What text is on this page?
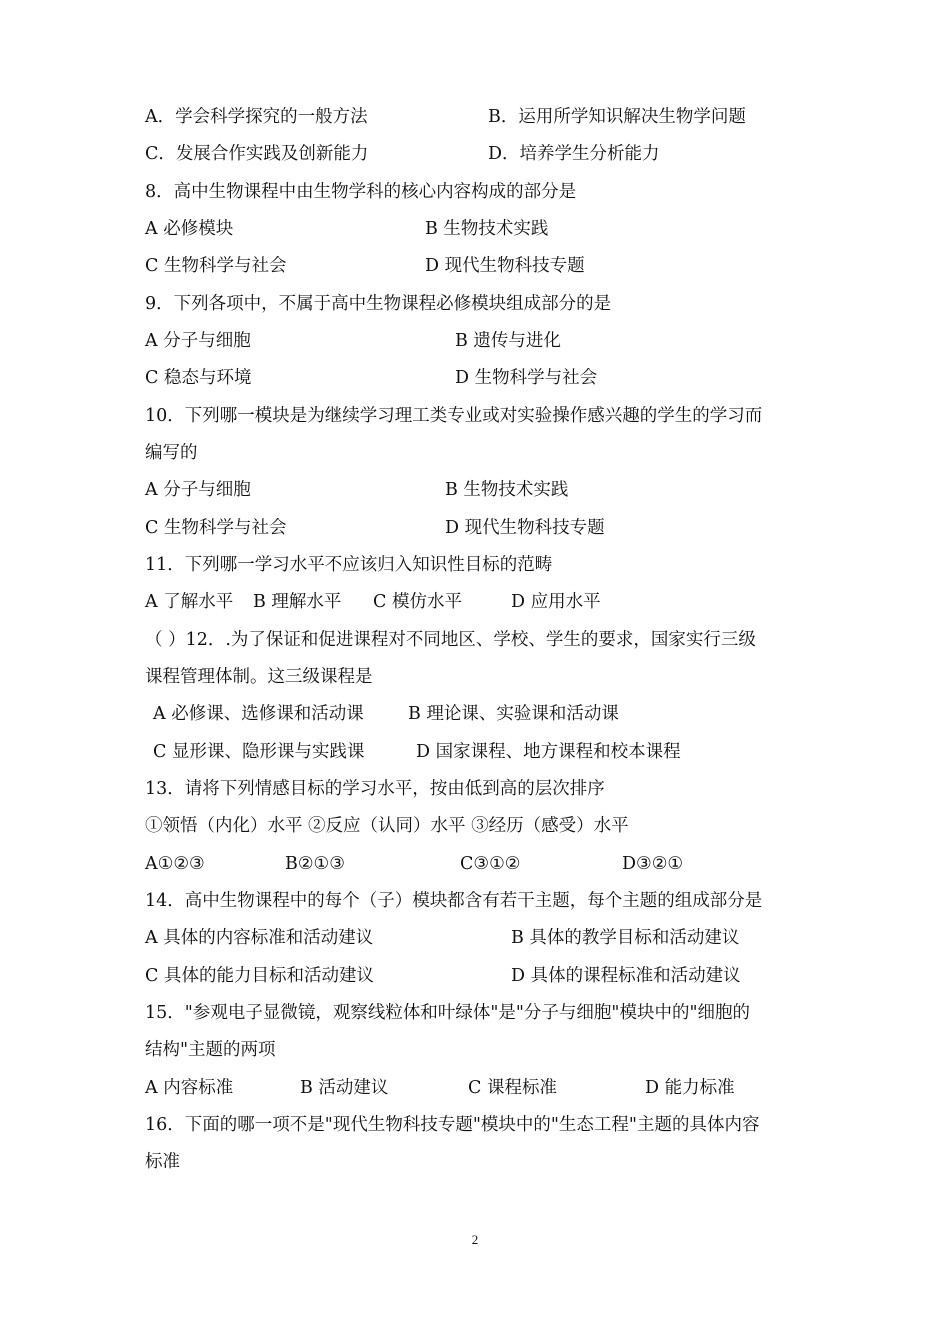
A．学会科学探究的一般方法	B．运用所学知识解决生物学问题
C．发展合作实践及创新能力	D．培养学生分析能力
8．高中生物课程中由生物学科的核心内容构成的部分是
A 必修模块	B 生物技术实践
C 生物科学与社会	D 现代生物科技专题
9．下列各项中，不属于高中生物课程必修模块组成部分的是
A 分子与细胞	B 遗传与进化
C 稳态与环境	D 生物科学与社会
10．下列哪一模块是为继续学习理工类专业或对实验操作感兴趣的学生的学习而
编写的
A 分子与细胞	B 生物技术实践
C 生物科学与社会	D 现代生物科技专题
11．下列哪一学习水平不应该归入知识性目标的范畴
A 了解水平 B 理解水平 C 模仿水平	D 应用水平
（ ）12．.为了保证和促进课程对不同地区、学校、学生的要求，国家实行三级
课程管理体制。这三级课程是
A 必修课、选修课和活动课	B 理论课、实验课和活动课
C 显形课、隐形课与实践课	D 国家课程、地方课程和校本课程
13．请将下列情感目标的学习水平，按由低到高的层次排序
①领悟（内化）水平 ②反应（认同）水平 ③经历（感受）水平
A①②③	B②①③	C③①②	D③②①
14．高中生物课程中的每个（子）模块都含有若干主题，每个主题的组成部分是
A 具体的内容标准和活动建议	B 具体的教学目标和活动建议
C 具体的能力目标和活动建议	D 具体的课程标准和活动建议
15．"参观电子显微镜，观察线粒体和叶绿体"是"分子与细胞"模块中的"细胞的
结构"主题的两项
A 内容标准	B 活动建议	C 课程标准	D 能力标准
16．下面的哪一项不是"现代生物科技专题"模块中的"生态工程"主题的具体内容
标准
2
